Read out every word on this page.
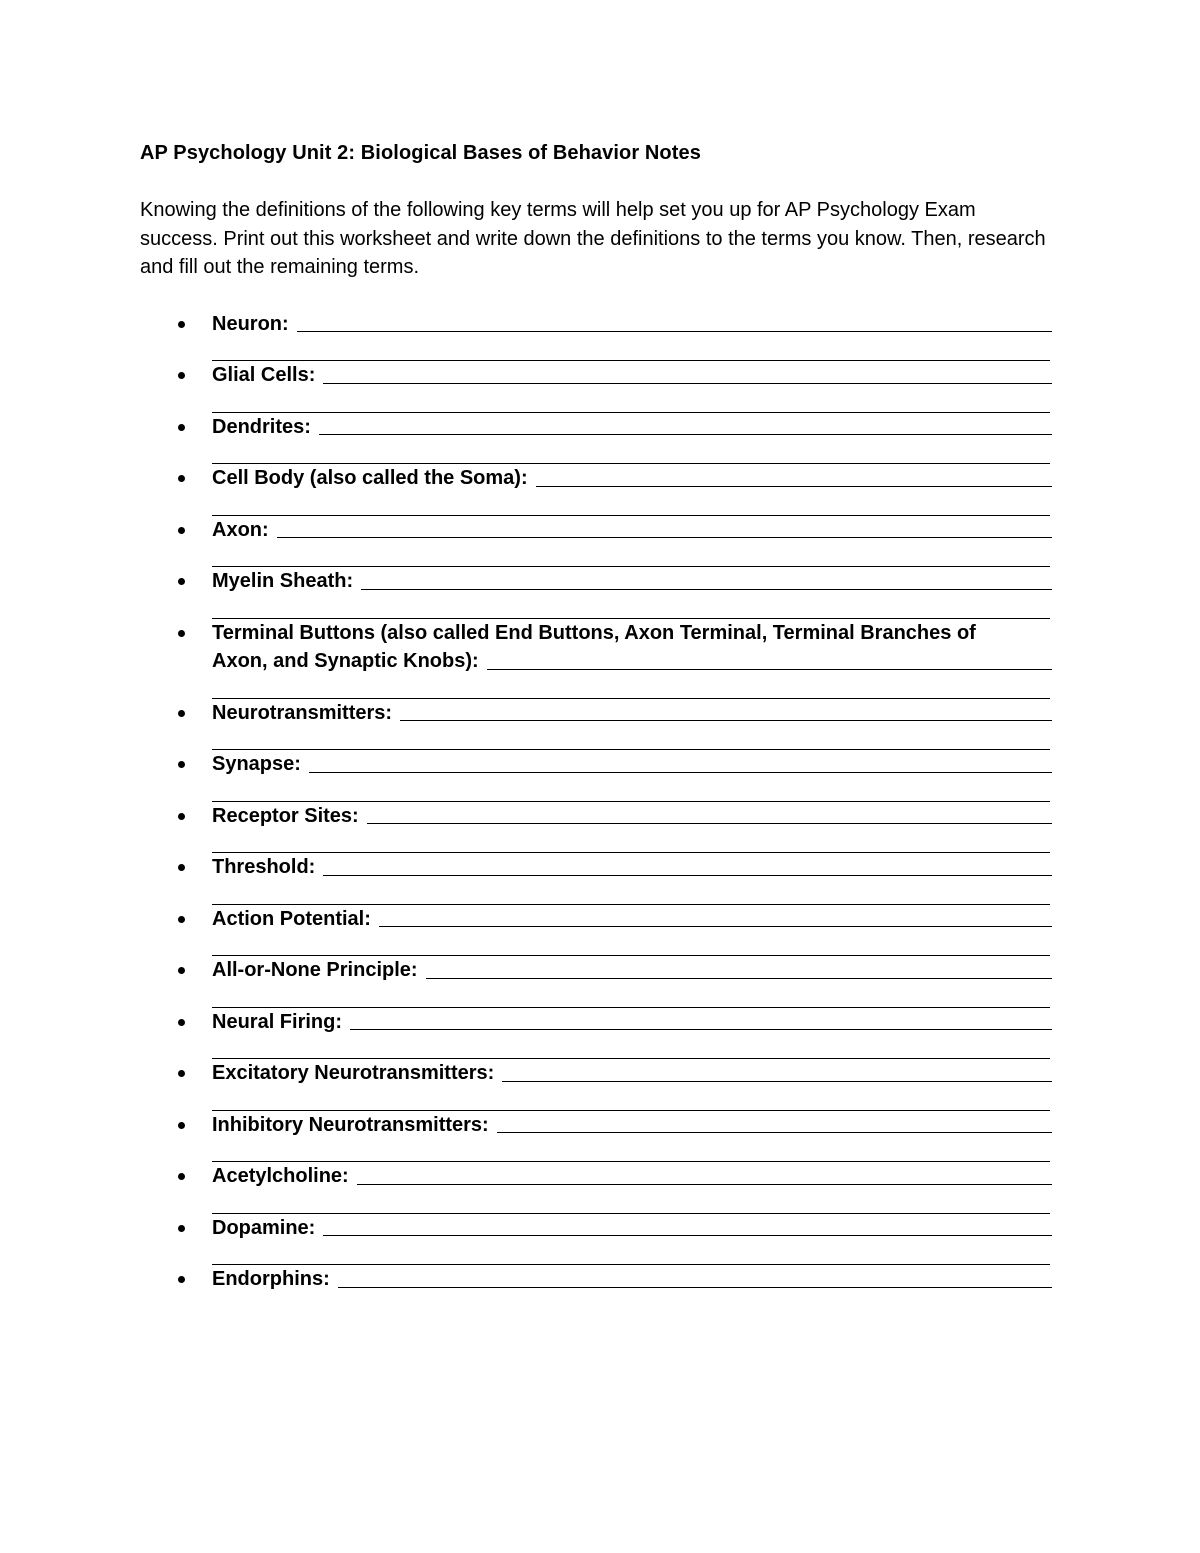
AP Psychology Unit 2: Biological Bases of Behavior Notes

Knowing the definitions of the following key terms will help set you up for AP Psychology Exam success. Print out this worksheet and write down the definitions to the terms you know. Then, research and fill out the remaining terms.

Neuron:
Glial Cells:
Dendrites:
Cell Body (also called the Soma):
Axon:
Myelin Sheath:
Terminal Buttons (also called End Buttons, Axon Terminal, Terminal Branches of
Axon, and Synaptic Knobs):
Neurotransmitters:
Synapse:
Receptor Sites:
Threshold:
Action Potential:
All-or-None Principle:
Neural Firing:
Excitatory Neurotransmitters:
Inhibitory Neurotransmitters:
Acetylcholine:
Dopamine:
Endorphins:
